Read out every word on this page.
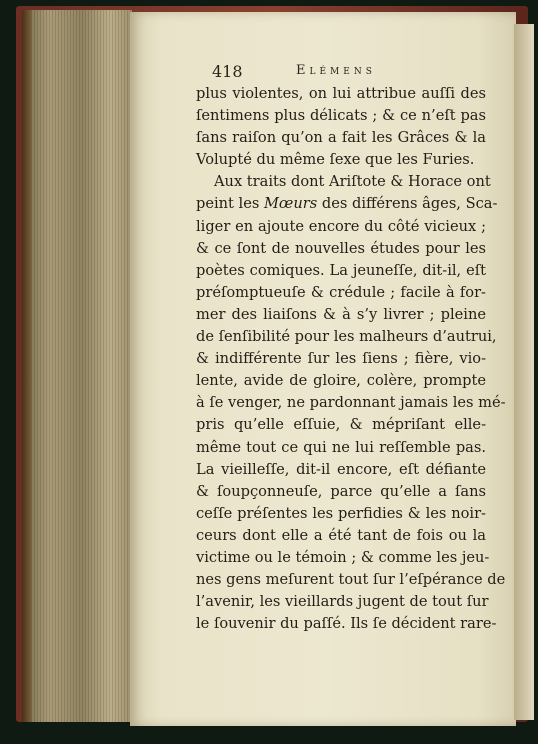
418	Elémens
plus violentes, on lui attribue auſſi des
ſentimens plus délicats ; & ce n’eſt pas
ſans raiſon qu’on a fait les Grâces & la
Volupté du même ſexe que les Furies.
Aux traits dont Ariſtote & Horace ont
peint les Mœurs des différens âges, Sca-
liger en ajoute encore du côté vicieux ;
& ce ſont de nouvelles études pour les
poètes comiques. La jeuneſſe, dit-il, eſt
préſomptueuſe & crédule ; facile à for-
mer des liaiſons & à s’y livrer ; pleine
de ſenſibilité pour les malheurs d’autrui,
& indifférente ſur les ſiens ; fière, vio-
lente, avide de gloire, colère, prompte
à ſe venger, ne pardonnant jamais les mé-
pris qu’elle eſſuie, & mépriſant elle-
même tout ce qui ne lui reſſemble pas.
La vieilleſſe, dit-il encore, eſt défiante
& ſoupçonneuſe, parce qu’elle a ſans
ceſſe préſentes les perfidies & les noir-
ceurs dont elle a été tant de fois ou la
victime ou le témoin ; & comme les jeu-
nes gens meſurent tout ſur l’eſpérance de
l’avenir, les vieillards jugent de tout ſur
le ſouvenir du paſſé. Ils ſe décident rare-
